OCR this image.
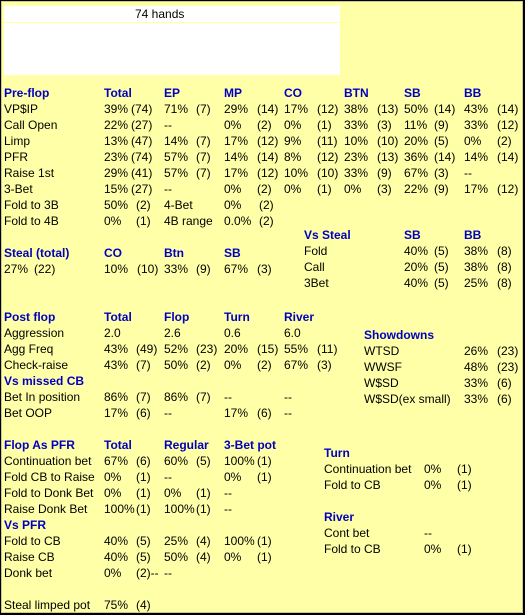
74 hands
Pre-flop	Total	EP	MP	CO	BTN	SB	BB
VP$IP	39% (74) 71% (7) 29% (14) 17% (12) 38% (13) 50% (14) 43% (14)
Call Open	22% (27) --	0% (2) 0% (1) 33% (3) 11% (9) 33% (12)
Limp	13% (47) 14% (7) 17% (12) 9% (11) 10% (10) 20% (5) 0% (2)
PFR	23% (74) 57% (7) 14% (14) 8% (12) 23% (13) 36% (14) 14% (14)
Raise 1st	29% (41) 57% (7) 17% (12) 10% (10) 33% (9) 67% (3) --
3-Bet	15% (27) --	0% (2) 0% (1) 0% (3) 22% (9) 17% (12)
Fold to 3B	50% (2) 4-Bet	0% (2)
Fold to 4B	0% (1) 4B range 0.0% (2)
Steal (total)	CO	Btn	SB
27% (22)	10% (10) 33% (9) 67% (3)
Vs Steal	SB	BB
Fold	40% (5) 38% (8)
Call	20% (5) 38% (8)
3Bet	40% (5) 25% (8)
Post flop	Total	Flop	Turn	River
Aggression	2.0	2.6	0.6	6.0
Agg Freq	43% (49) 52% (23) 20% (15) 55% (11)
Check-raise	43% (7) 50% (2) 0% (2) 67% (3)
Vs missed CB
Bet In position 86% (7) 86% (7) --	--
Bet OOP	17% (6) --	17% (6) --
Showdowns
WTSD	26% (23)
WWSF	48% (23)
W$SD	33% (6)
W$SD(ex small) 33% (6)
Flop As PFR Total	Regular 3-Bet pot
Continuation bet 67% (6) 60% (5) 100% (1)
Fold CB to Raise 0% (1) --	0% (1)
Fold to Donk Bet 0% (1) 0% (1) --
Raise Donk Bet 100% (1) 100% (1) --
Vs PFR
Fold to CB	40% (5) 25% (4) 100% (1)
Raise CB	40% (5) 50% (4) 0% (1)
Donk bet	0% (2)-- --
Steal limped pot 75% (4)
Turn
Continuation bet 0% (1)
Fold to CB	0% (1)
River
Cont bet	--
Fold to CB	0% (1)
